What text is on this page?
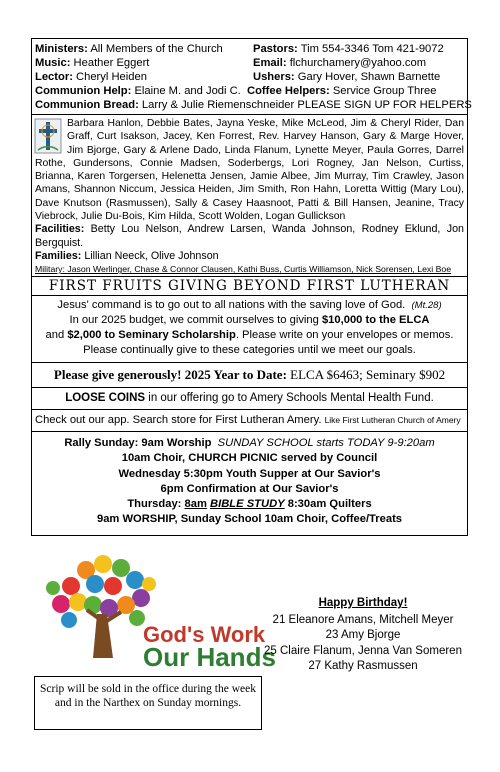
Ministers: All Members of the Church	Pastors: Tim 554-3346 Tom 421-9072
Music: Heather Eggert	Email: flchurchamery@yahoo.com
Lector: Cheryl Heiden	Ushers: Gary Hover, Shawn Barnette
Communion Help: Elaine M. and Jodi C. Coffee Helpers: Service Group Three
Communion Bread: Larry & Julie Riemenschneider PLEASE SIGN UP FOR HELPERS
Barbara Hanlon, Debbie Bates, Jayna Yeske, Mike McLeod, Jim & Cheryl Rider, Dan Graff, Curt Isakson, Jacey, Ken Forrest, Rev. Harvey Hanson, Gary & Marge Hover, Jim Bjorge, Gary & Arlene Dado, Linda Flanum, Lynette Meyer, Paula Gorres, Darrel Rothe, Gundersons, Connie Madsen, Soderbergs, Lori Rogney, Jan Nelson, Curtiss, Brianna, Karen Torgersen, Helenetta Jensen, Jamie Albee, Jim Murray, Tim Crawley, Jason Amans, Shannon Niccum, Jessica Heiden, Jim Smith, Ron Hahn, Loretta Wittig (Mary Lou), Dave Knutson (Rasmussen), Sally & Casey Haasnoot, Patti & Bill Hansen, Jeanine, Tracy Viebrock, Julie Du-Bois, Kim Hilda, Scott Wolden, Logan Gullickson
Facilities: Betty Lou Nelson, Andrew Larsen, Wanda Johnson, Rodney Eklund, Jon Bergquist.
Families: Lillian Neeck, Olive Johnson
Military: Jason Werlinger, Chase & Connor Clausen, Kathi Buss, Curtis Williamson, Nick Sorensen, Lexi Boe
FIRST FRUITS GIVING BEYOND FIRST LUTHERAN
Jesus' command is to go out to all nations with the saving love of God. (Mt.28)
In our 2025 budget, we commit ourselves to giving $10,000 to the ELCA
and $2,000 to Seminary Scholarship. Please write on your envelopes or memos.
Please continually give to these categories until we meet our goals.
Please give generously! 2025 Year to Date: ELCA $6463; Seminary $902
LOOSE COINS in our offering go to Amery Schools Mental Health Fund.
Check out our app. Search store for First Lutheran Amery. Like First Lutheran Church of Amery
Rally Sunday: 9am Worship SUNDAY SCHOOL starts TODAY 9-9:20am
10am Choir, CHURCH PICNIC served by Council
Wednesday 5:30pm Youth Supper at Our Savior's
6pm Confirmation at Our Savior's
Thursday: 8am BIBLE STUDY 8:30am Quilters
9am WORSHIP, Sunday School 10am Choir, Coffee/Treats
God's Work
Our Hands
Scrip will be sold in the office during the week and in the Narthex on Sunday mornings.
Happy Birthday!
21 Eleanore Amans, Mitchell Meyer
23 Amy Bjorge
25 Claire Flanum, Jenna Van Someren
27 Kathy Rasmussen
